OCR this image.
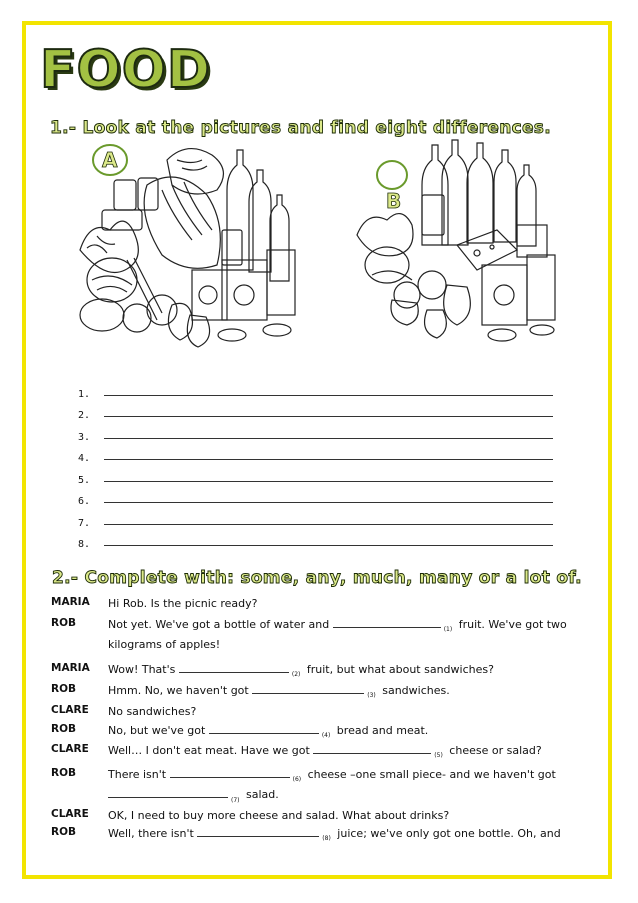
FOOD
1.- Look at the pictures and find eight differences.
A
B
1.
2.
3.
4.
5.
6.
7.
8.
2.- Complete with: some, any, much, many or a lot of.
MARIA	Hi Rob. Is the picnic ready?
ROB	Not yet. We've got a bottle of water and	$_{(1)}$ fruit. We've got two kilograms of apples!
MARIA	Wow! That's	$_{(2)}$ fruit, but what about sandwiches?
ROB	Hmm. No, we haven't got	$_{(3)}$ sandwiches.
CLARE	No sandwiches?
ROB	No, but we've got	$_{(4)}$ bread and meat.
CLARE	Well… I don't eat meat. Have we got	$_{(5)}$ cheese or salad?
ROB	There isn't	$_{(6)}$ cheese –one small piece- and we haven't got $_{(7)}$ salad.
CLARE	OK, I need to buy more cheese and salad. What about drinks?
ROB	Well, there isn't	$_{(8)}$ juice; we've only got one bottle. Oh, and
